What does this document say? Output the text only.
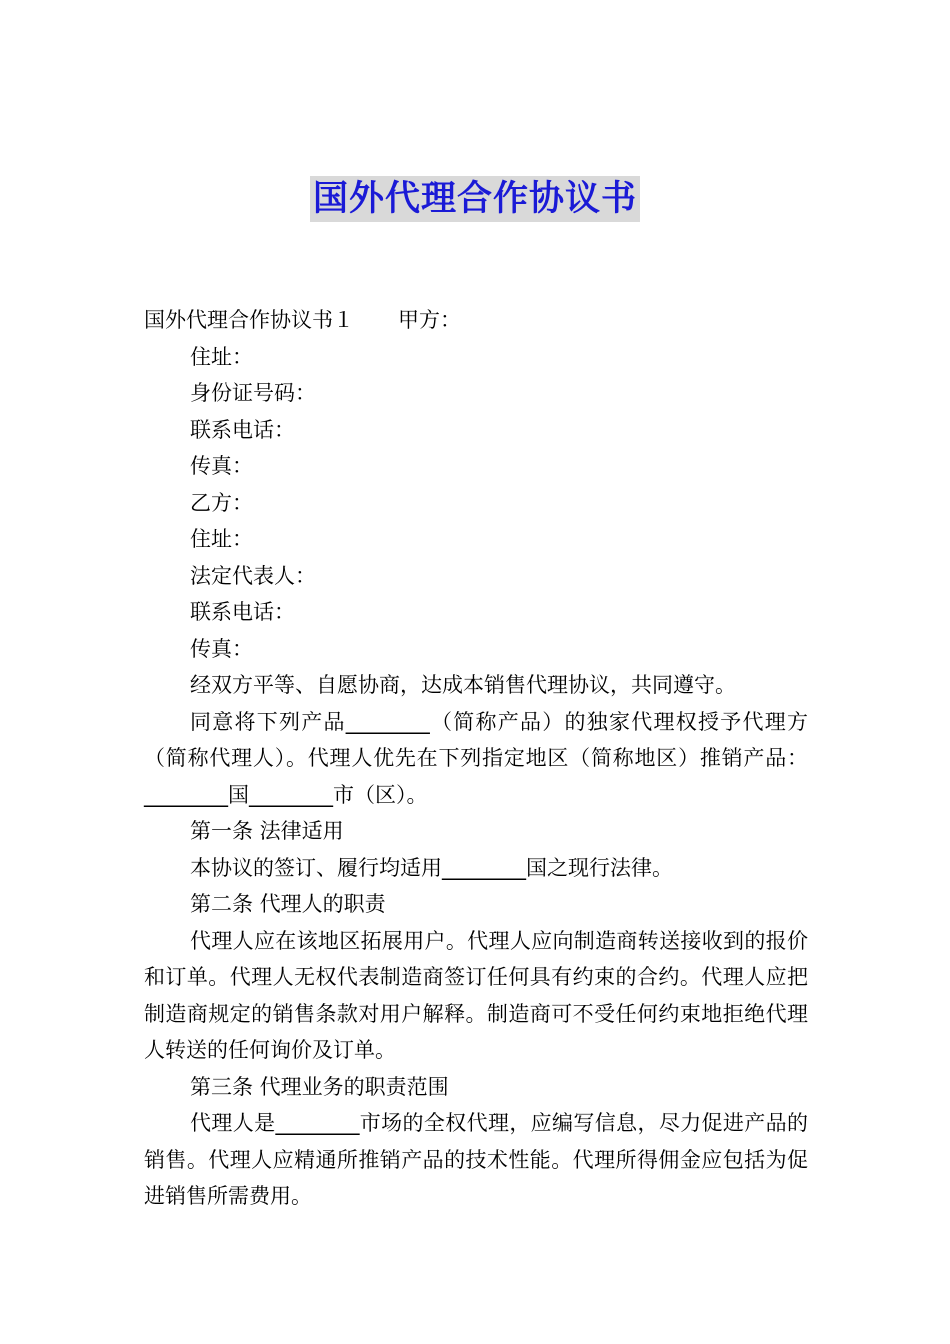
国外代理合作协议书
国外代理合作协议书１ 甲方：
住址：
身份证号码：
联系电话：
传真：
乙方：
住址：
法定代表人：
联系电话：
传真：
经双方平等、自愿协商，达成本销售代理协议，共同遵守。
同意将下列产品________（简称产品）的独家代理权授予代理方（简称代理人）。代理人优先在下列指定地区（简称地区）推销产品：________国________市（区）。
第一条 法律适用
本协议的签订、履行均适用________国之现行法律。
第二条 代理人的职责
代理人应在该地区拓展用户。代理人应向制造商转送接收到的报价和订单。代理人无权代表制造商签订任何具有约束的合约。代理人应把制造商规定的销售条款对用户解释。制造商可不受任何约束地拒绝代理人转送的任何询价及订单。
第三条 代理业务的职责范围
代理人是________市场的全权代理，应编写信息，尽力促进产品的销售。代理人应精通所推销产品的技术性能。代理所得佣金应包括为促进销售所需费用。
